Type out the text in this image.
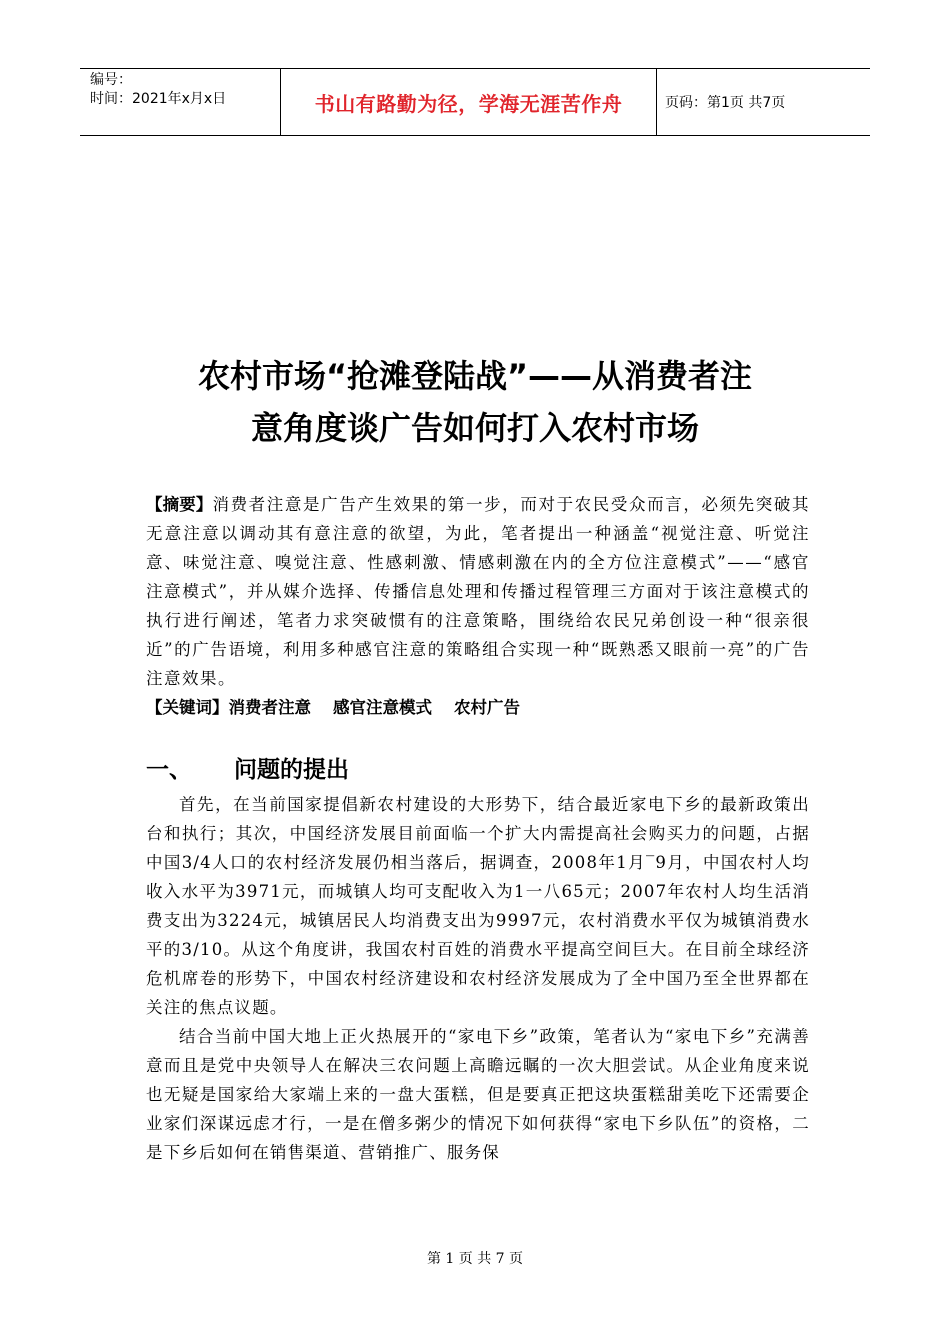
编号：
时间：2021年x月x日	书山有路勤为径，学海无涯苦作舟	页码：第1页 共7页
农村市场“抢滩登陆战”——从消费者注
意角度谈广告如何打入农村市场
【摘要】消费者注意是广告产生效果的第一步，而对于农民受众而言，必须先突破其无意注意以调动其有意注意的欲望，为此，笔者提出一种涵盖“视觉注意、听觉注意、味觉注意、嗅觉注意、性感刺激、情感刺激在内的全方位注意模式”——“感官注意模式”，并从媒介选择、传播信息处理和传播过程管理三方面对于该注意模式的执行进行阐述，笔者力求突破惯有的注意策略，围绕给农民兄弟创设一种“很亲很近”的广告语境，利用多种感官注意的策略组合实现一种“既熟悉又眼前一亮”的广告注意效果。
【关键词】消费者注意 感官注意模式 农村广告
一、 问题的提出

首先，在当前国家提倡新农村建设的大形势下，结合最近家电下乡的最新政策出台和执行；其次，中国经济发展目前面临一个扩大内需提高社会购买力的问题，占据中国3/4人口的农村经济发展仍相当落后，据调查，2008年1月‾9月，中国农村人均收入水平为3971元，而城镇人均可支配收入为1一八65元；2007年农村人均生活消费支出为3224元，城镇居民人均消费支出为9997元，农村消费水平仅为城镇消费水平的3/10。从这个角度讲，我国农村百姓的消费水平提高空间巨大。在目前全球经济危机席卷的形势下，中国农村经济建设和农村经济发展成为了全中国乃至全世界都在关注的焦点议题。

结合当前中国大地上正火热展开的“家电下乡”政策，笔者认为“家电下乡”充满善意而且是党中央领导人在解决三农问题上高瞻远瞩的一次大胆尝试。从企业角度来说也无疑是国家给大家端上来的一盘大蛋糕，但是要真正把这块蛋糕甜美吃下还需要企业家们深谋远虑才行，一是在僧多粥少的情况下如何获得“家电下乡队伍”的资格，二是下乡后如何在销售渠道、营销推广、服务保

第 1 页 共 7 页
